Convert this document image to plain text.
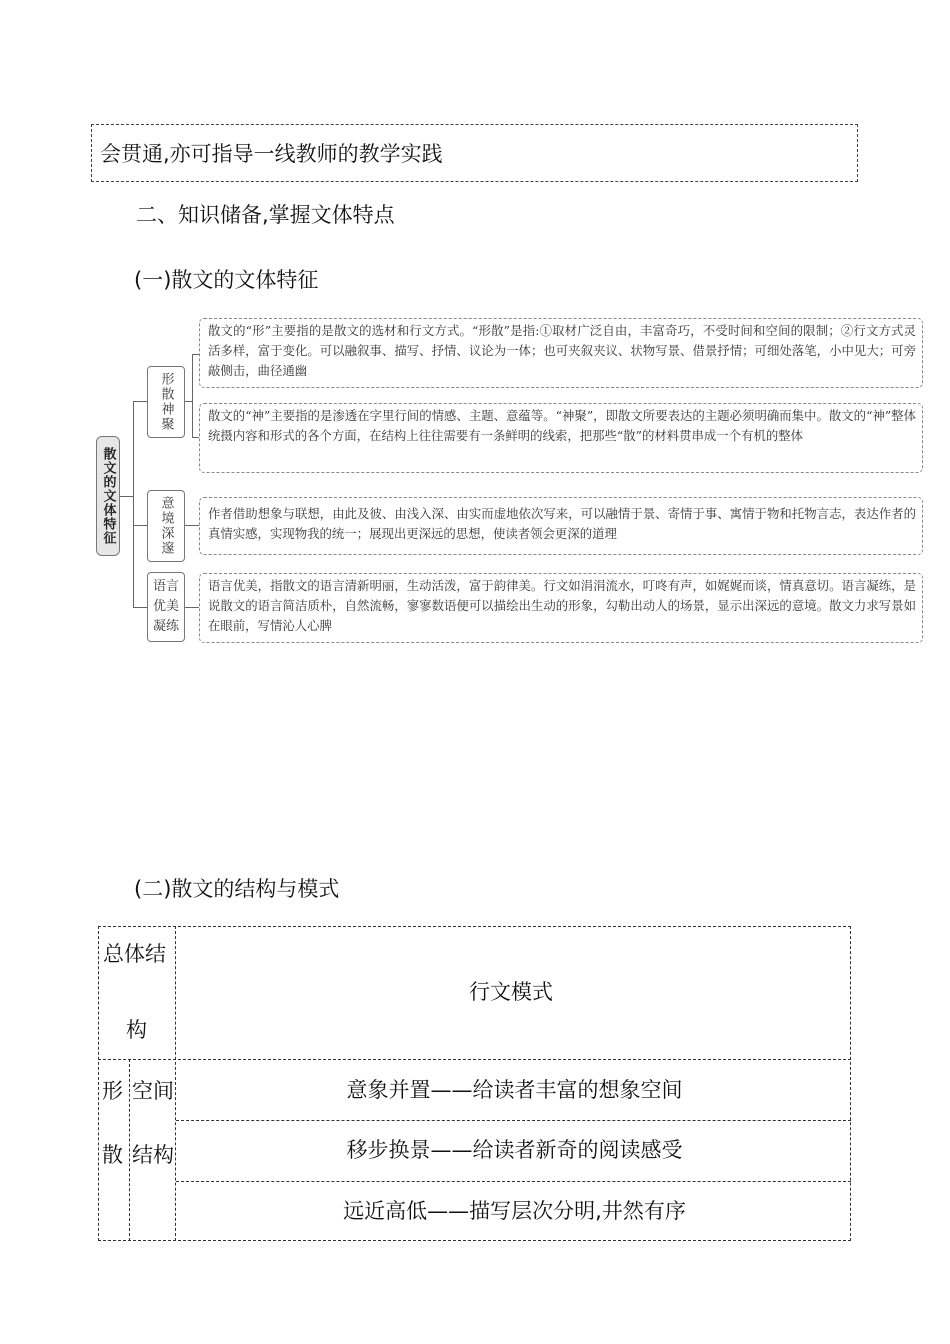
会贯通,亦可指导一线教师的教学实践
二、知识储备,掌握文体特点
(一)散文的文体特征
散文的文体特征
形散神聚
意境深邃
语言
优美
凝练
散文的“形”主要指的是散文的选材和行文方式。“形散”是指:①取材广泛自由，丰富奇巧，不受时间和空间的限制；②行文方式灵活多样，富于变化。可以融叙事、描写、抒情、议论为一体；也可夹叙夹议、状物写景、借景抒情；可细处落笔，小中见大；可旁敲侧击，曲径通幽
散文的“神”主要指的是渗透在字里行间的情感、主题、意蕴等。“神聚”，即散文所要表达的主题必须明确而集中。散文的“神”整体统摄内容和形式的各个方面，在结构上往往需要有一条鲜明的线索，把那些“散”的材料贯串成一个有机的整体
作者借助想象与联想，由此及彼、由浅入深、由实而虚地依次写来，可以融情于景、寄情于事、寓情于物和托物言志，表达作者的真情实感，实现物我的统一；展现出更深远的思想，使读者领会更深的道理
语言优美，指散文的语言清新明丽，生动活泼，富于韵律美。行文如涓涓流水，叮咚有声，如娓娓而谈，情真意切。语言凝练，是说散文的语言简洁质朴，自然流畅，寥寥数语便可以描绘出生动的形象，勾勒出动人的场景，显示出深远的意境。散文力求写景如在眼前，写情沁人心脾
(二)散文的结构与模式
总体结
构
行文模式
形
散
空间
结构
意象并置——给读者丰富的想象空间
移步换景——给读者新奇的阅读感受
远近高低——描写层次分明,井然有序
